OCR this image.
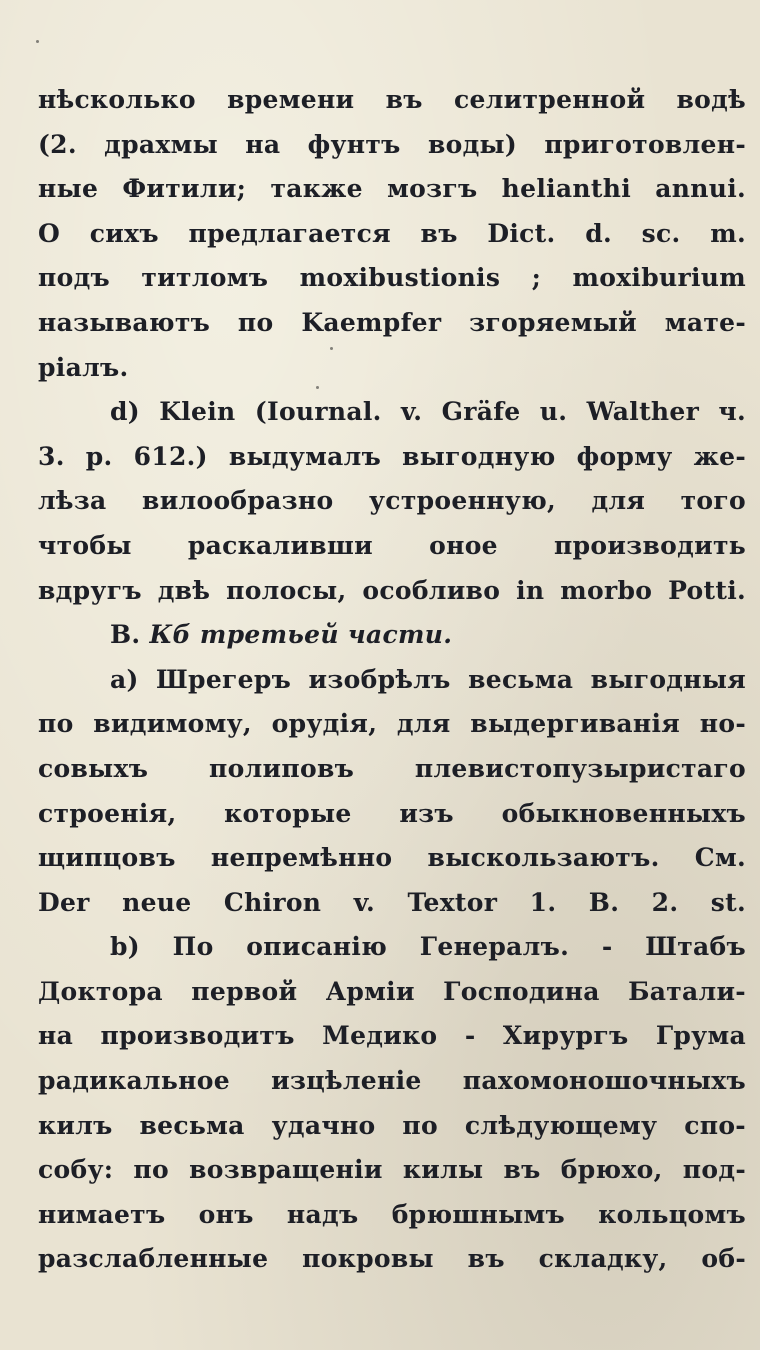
нѣсколько времени въ селитренной водѣ
(2. драхмы на фунтъ воды) приготовлен-
ные Фитили; также мозгъ helianthi annui.
О сихъ предлагается въ Dict. d. sc. m.
подъ титломъ moxibustionis ; moxiburium
называютъ по Kaempfer згоряемый мате-
ріалъ.
d) Klein (Iournal. v. Gräfe u. Walther ч.
3. p. 612.) выдумалъ выгодную форму же-
лѣза вилообразно устроенную, для того
чтобы раскаливши оное производить
вдругъ двѣ полосы, особливо in morbo Potti.
B. Кб третьей части.
a) Шрегеръ изобрѣлъ весьма выгодныя
по видимому, орудія, для выдергиванія но-
совыхъ полиповъ плевистопузыристаго
строенія, которые изъ обыкновенныхъ
щипцовъ непремѣнно выскользаютъ. См.
Der neue Chiron v. Textor 1. B. 2. st.
b) По описанію Генералъ. - Штабъ
Доктора первой Арміи Господина Батали-
на производитъ Медико - Хирургъ Грума
радикальное изцѣленіе пахомоношочныхъ
килъ весьма удачно по слѣдующему спо-
собу: по возвращеніи килы въ брюхо, под-
нимаетъ онъ надъ брюшнымъ кольцомъ
разслабленные покровы въ складку, об-
